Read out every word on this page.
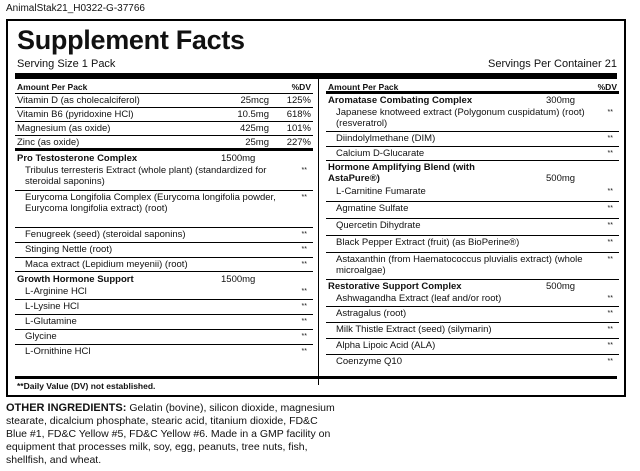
AnimalStak21_H0322-G-37766
Supplement Facts
Serving Size 1 Pack	Servings Per Container 21
Amount Per Pack	%DV
Vitamin D (as cholecalciferol)	25mcg 125%
Vitamin B6 (pyridoxine HCl)	10.5mg 618%
Magnesium (as oxide)	425mg 101%
Zinc (as oxide)	25mg 227%
Pro Testosterone Complex	1500mg
Tribulus terresteris Extract (whole plant) (standardized for steroidal saponins)
**
Eurycoma Longifolia Complex (Eurycoma longifolia powder, Eurycoma longifolia extract) (root)
**
Fenugreek (seed) (steroidal saponins)	**
Stinging Nettle (root)	**
Maca extract (Lepidium meyenii) (root)	**
Growth Hormone Support	1500mg
L-Arginine HCl	**
L-Lysine HCl	**
L-Glutamine	**
Glycine	**
L-Ornithine HCl	**
Amount Per Pack	%DV
Aromatase Combating Complex	300mg
Japanese knotweed extract (Polygonum cuspidatum) (root) (resveratrol)
**
Diindolylmethane (DIM)	**
Calcium D-Glucarate	**
Hormone Amplifying Blend (with AstaPure®)	500mg
L-Carnitine Fumarate	**
Agmatine Sulfate	**
Quercetin Dihydrate	**
Black Pepper Extract (fruit) (as BioPerine®)	**
Astaxanthin (from Haematococcus pluvialis extract) (whole microalgae)
**
Restorative Support Complex	500mg
Ashwagandha Extract (leaf and/or root)	**
Astragalus (root)	**
Milk Thistle Extract (seed) (silymarin)	**
Alpha Lipoic Acid (ALA)	**
Coenzyme Q10	**
**Daily Value (DV) not established.
OTHER INGREDIENTS: Gelatin (bovine), silicon dioxide, magnesium stearate, dicalcium phosphate, stearic acid, titanium dioxide, FD&C Blue #1, FD&C Yellow #5, FD&C Yellow #6. Made in a GMP facility on equipment that processes milk, soy, egg, peanuts, tree nuts, fish, shellfish, and wheat.
